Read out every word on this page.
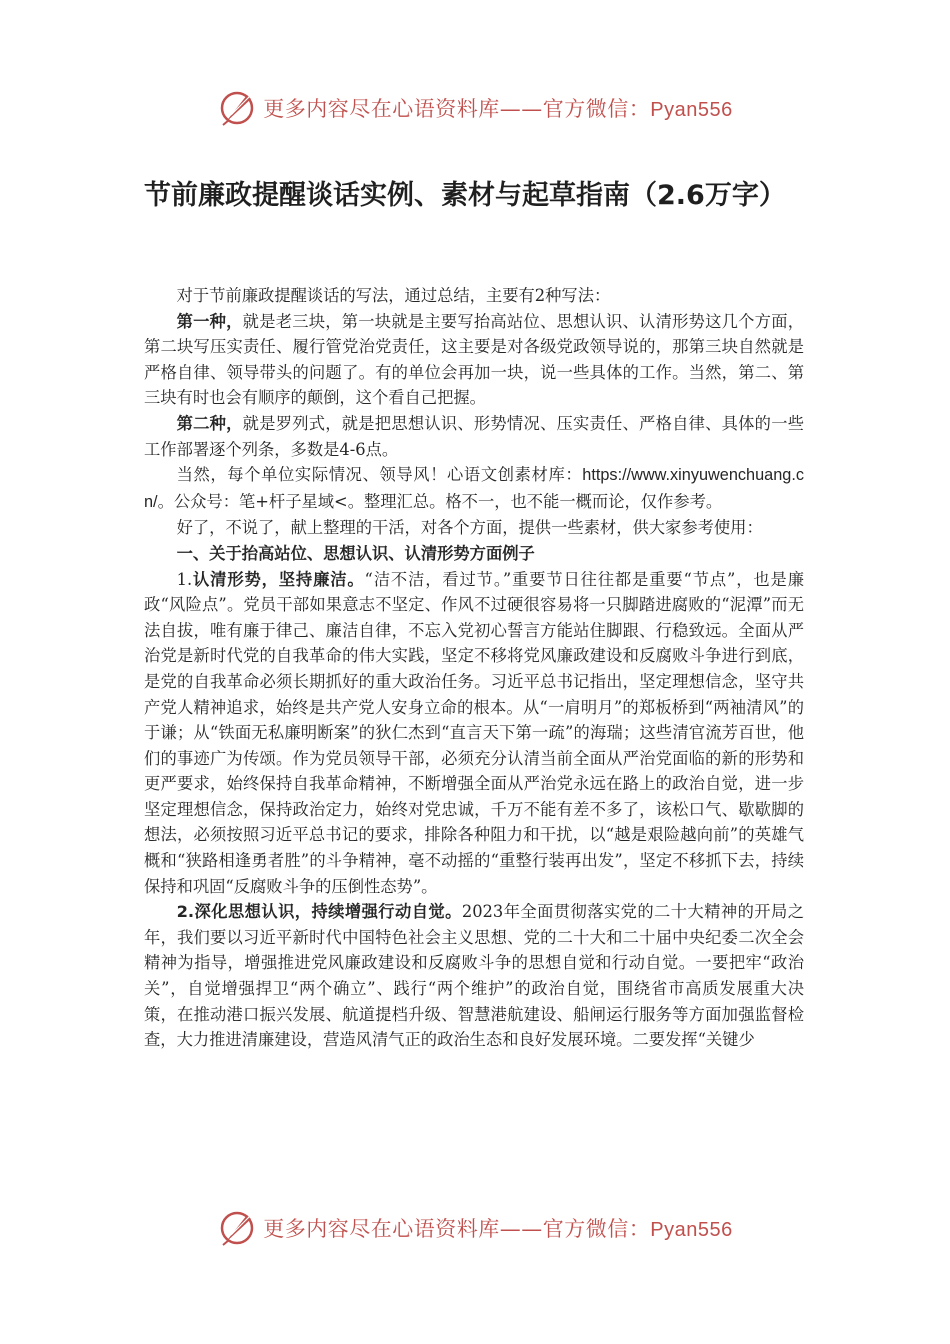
更多内容尽在心语资料库——官方微信：Pyan556
节前廉政提醒谈话实例、素材与起草指南（2.6万字）

对于节前廉政提醒谈话的写法，通过总结，主要有2种写法：

第一种，就是老三块，第一块就是主要写抬高站位、思想认识、认清形势这几个方面，第二块写压实责任、履行管党治党责任，这主要是对各级党政领导说的，那第三块自然就是严格自律、领导带头的问题了。有的单位会再加一块，说一些具体的工作。当然，第二、第三块有时也会有顺序的颠倒，这个看自己把握。

第二种，就是罗列式，就是把思想认识、形势情况、压实责任、严格自律、具体的一些工作部署逐个列条，多数是4-6点。

当然，每个单位实际情况、领导风！心语文创素材库：https://www.xinyuwenchuang.cn/。公众号：笔+杆子星域<。整理汇总。格不一，也不能一概而论，仅作参考。

好了，不说了，献上整理的干活，对各个方面，提供一些素材，供大家参考使用：

一、关于抬高站位、思想认识、认清形势方面例子

1.认清形势，坚持廉洁。“洁不洁，看过节。”重要节日往往都是重要“节点”，也是廉政“风险点”。党员干部如果意志不坚定、作风不过硬很容易将一只脚踏进腐败的“泥潭”而无法自拔，唯有廉于律己、廉洁自律，不忘入党初心誓言方能站住脚跟、行稳致远。全面从严治党是新时代党的自我革命的伟大实践，坚定不移将党风廉政建设和反腐败斗争进行到底，是党的自我革命必须长期抓好的重大政治任务。习近平总书记指出，坚定理想信念，坚守共产党人精神追求，始终是共产党人安身立命的根本。从“一肩明月”的郑板桥到“两袖清风”的于谦；从“铁面无私廉明断案”的狄仁杰到“直言天下第一疏”的海瑞；这些清官流芳百世，他们的事迹广为传颂。作为党员领导干部，必须充分认清当前全面从严治党面临的新的形势和更严要求，始终保持自我革命精神，不断增强全面从严治党永远在路上的政治自觉，进一步坚定理想信念，保持政治定力，始终对党忠诚，千万不能有差不多了，该松口气、歇歇脚的想法，必须按照习近平总书记的要求，排除各种阻力和干扰，以“越是艰险越向前”的英雄气概和“狭路相逢勇者胜”的斗争精神，毫不动摇的“重整行装再出发”，坚定不移抓下去，持续保持和巩固“反腐败斗争的压倒性态势”。

2.深化思想认识，持续增强行动自觉。2023年全面贯彻落实党的二十大精神的开局之年，我们要以习近平新时代中国特色社会主义思想、党的二十大和二十届中央纪委二次全会精神为指导，增强推进党风廉政建设和反腐败斗争的思想自觉和行动自觉。一要把牢“政治关”，自觉增强捍卫“两个确立”、践行“两个维护”的政治自觉，围绕省市高质发展重大决策，在推动港口振兴发展、航道提档升级、智慧港航建设、船闸运行服务等方面加强监督检查，大力推进清廉建设，营造风清气正的政治生态和良好发展环境。二要发挥“关键少

更多内容尽在心语资料库——官方微信：Pyan556
